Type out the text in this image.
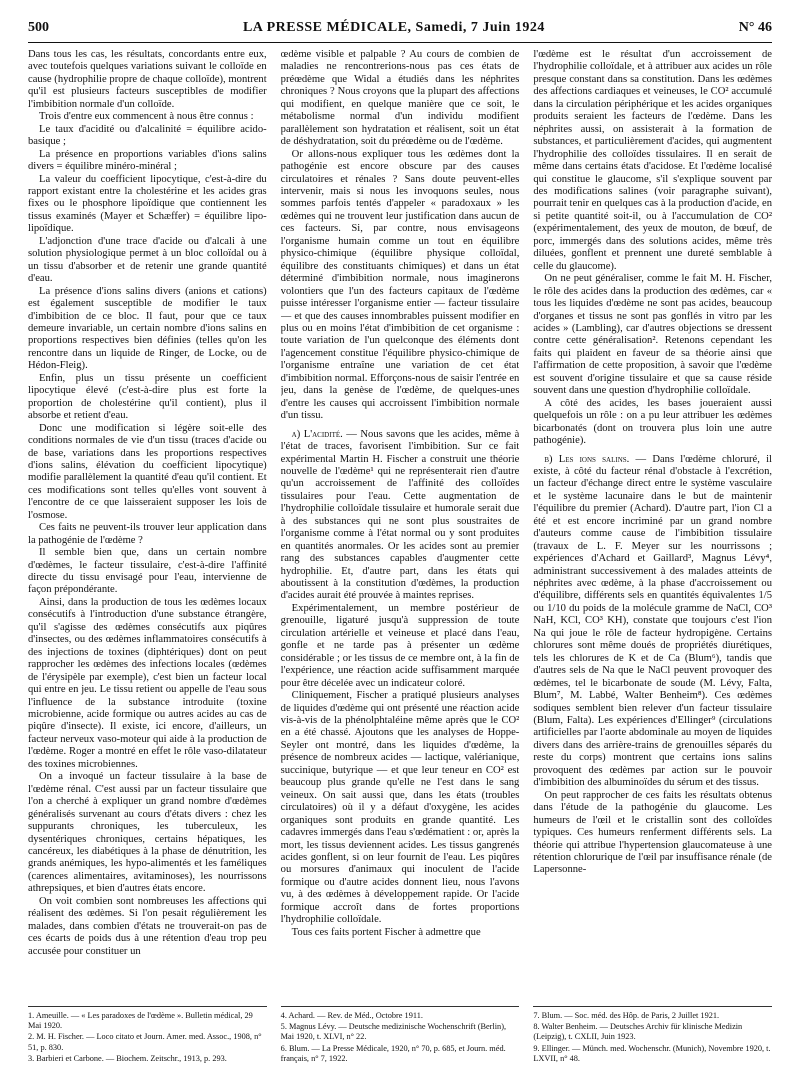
500	LA PRESSE MÉDICALE, Samedi, 7 Juin 1924	N° 46

Dans tous les cas, les résultats, concordants entre eux, avec toutefois quelques variations suivant le colloïde en cause (hydrophilie propre de chaque colloïde), montrent qu'il est plusieurs facteurs susceptibles de modifier l'imbibition normale d'un colloïde.

Trois d'entre eux commencent à nous être connus :

Le taux d'acidité ou d'alcalinité = équilibre acido-basique ;

La présence en proportions variables d'ions salins divers = équilibre minéro-minéral ;

La valeur du coefficient lipocytique, c'est-à-dire du rapport existant entre la cholestérine et les acides gras fixes ou le phosphore lipoïdique que contiennent les tissus examinés (Mayer et Schæffer) = équilibre lipo-lipoïdique.

L'adjonction d'une trace d'acide ou d'alcali à une solution physiologique permet à un bloc colloïdal ou à un tissu d'absorber et de retenir une grande quantité d'eau.

La présence d'ions salins divers (anions et cations) est également susceptible de modifier le taux d'imbibition de ce bloc. Il faut, pour que ce taux demeure invariable, un certain nombre d'ions salins en proportions respectives bien définies (telles qu'on les rencontre dans un liquide de Ringer, de Locke, ou de Hédon-Fleig).

Enfin, plus un tissu présente un coefficient lipocytique élevé (c'est-à-dire plus est forte la proportion de cholestérine qu'il contient), plus il absorbe et retient d'eau.

Donc une modification si légère soit-elle des conditions normales de vie d'un tissu (traces d'acide ou de base, variations dans les proportions respectives d'ions salins, élévation du coefficient lipocytique) modifie parallèlement la quantité d'eau qu'il contient. Et ces modifications sont telles qu'elles vont souvent à l'encontre de ce que laisseraient supposer les lois de l'osmose.

Ces faits ne peuvent-ils trouver leur application dans la pathogénie de l'œdème ?

Il semble bien que, dans un certain nombre d'œdèmes, le facteur tissulaire, c'est-à-dire l'affinité directe du tissu envisagé pour l'eau, intervienne de façon prépondérante.

Ainsi, dans la production de tous les œdèmes locaux consécutifs à l'introduction d'une substance étrangère, qu'il s'agisse des œdèmes consécutifs aux piqûres d'insectes, ou des œdèmes inflammatoires consécutifs à des injections de toxines (diphtériques) dont on peut rapprocher les œdèmes des infections locales (œdèmes de l'érysipèle par exemple), c'est bien un facteur local qui entre en jeu. Le tissu retient ou appelle de l'eau sous l'influence de la substance introduite (toxine microbienne, acide formique ou autres acides au cas de piqûre d'insecte). Il existe, ici encore, d'ailleurs, un facteur nerveux vaso-moteur qui aide à la production de l'œdème. Roger a montré en effet le rôle vaso-dilatateur des toxines microbiennes.

On a invoqué un facteur tissulaire à la base de l'œdème rénal. C'est aussi par un facteur tissulaire que l'on a cherché à expliquer un grand nombre d'œdèmes généralisés survenant au cours d'états divers : chez les suppurants chroniques, les tuberculeux, les dysentériques chroniques, certains hépatiques, les cancéreux, les diabétiques à la phase de dénutrition, les grands anémiques, les hypo-alimentés et les faméliques (carences alimentaires, avitaminoses), les nourrissons athrepsiques, et bien d'autres états encore.

On voit combien sont nombreuses les affections qui réalisent des œdèmes. Si l'on pesait régulièrement les malades, dans combien d'états ne trouverait-on pas de ces écarts de poids dus à une rétention d'eau trop peu accusée pour constituer un

œdème visible et palpable ? Au cours de combien de maladies ne rencontrerions-nous pas ces états de préœdème que Widal a étudiés dans les néphrites chroniques ? Nous croyons que la plupart des affections qui modifient, en quelque manière que ce soit, le métabolisme normal d'un individu modifient parallèlement son hydratation et réalisent, soit un état de déshydratation, soit du préœdème ou de l'œdème.

Or allons-nous expliquer tous les œdèmes dont la pathogénie est encore obscure par des causes circulatoires et rénales ? Sans doute peuvent-elles intervenir, mais si nous les invoquons seules, nous sommes parfois tentés d'appeler « paradoxaux » les œdèmes qui ne trouvent leur justification dans aucun de ces facteurs. Si, par contre, nous envisageons l'organisme humain comme un tout en équilibre physico-chimique (équilibre physique colloïdal, équilibre des constituants chimiques) et dans un état déterminé d'imbibition normale, nous imaginerons volontiers que l'un des facteurs capitaux de l'œdème puisse intéresser l'organisme entier — facteur tissulaire — et que des causes innombrables puissent modifier en plus ou en moins l'état d'imbibition de cet organisme : toute variation de l'un quelconque des éléments dont l'agencement constitue l'équilibre physico-chimique de l'organisme entraîne une variation de cet état d'imbibition normal. Efforçons-nous de saisir l'entrée en jeu, dans la genèse de l'œdème, de quelques-unes d'entre les causes qui accroissent l'imbibition normale d'un tissu.

a) L'acidité. — Nous savons que les acides, même à l'état de traces, favorisent l'imbibition. Sur ce fait expérimental Martin H. Fischer a construit une théorie nouvelle de l'œdème¹ qui ne représenterait rien d'autre qu'un accroissement de l'affinité des colloïdes tissulaires pour l'eau. Cette augmentation de l'hydrophilie colloïdale tissulaire et humorale serait due à des substances qui ne sont plus soustraites de l'organisme comme à l'état normal ou y sont produites en quantités anormales. Or les acides sont au premier rang des substances capables d'augmenter cette hydrophilie. Et, d'autre part, dans les états qui aboutissent à la constitution d'œdèmes, la production d'acides aurait été prouvée à maintes reprises.

Expérimentalement, un membre postérieur de grenouille, ligaturé jusqu'à suppression de toute circulation artérielle et veineuse et placé dans l'eau, gonfle et ne tarde pas à présenter un œdème considérable ; or les tissus de ce membre ont, à la fin de l'expérience, une réaction acide suffisamment marquée pour être décelée avec un indicateur coloré.

Cliniquement, Fischer a pratiqué plusieurs analyses de liquides d'œdème qui ont présenté une réaction acide vis-à-vis de la phénolphtaléine même après que le CO² en a été chassé. Ajoutons que les analyses de Hoppe-Seyler ont montré, dans les liquides d'œdème, la présence de nombreux acides — lactique, valérianique, succinique, butyrique — et que leur teneur en CO² est beaucoup plus grande qu'elle ne l'est dans le sang veineux. On sait aussi que, dans les états (troubles circulatoires) où il y a défaut d'oxygène, les acides organiques sont produits en grande quantité. Les cadavres immergés dans l'eau s'œdématient : or, après la mort, les tissus deviennent acides. Les tissus gangrenés acides gonflent, si on leur fournit de l'eau. Les piqûres ou morsures d'animaux qui inoculent de l'acide formique ou d'autre acides donnent lieu, nous l'avons vu, à des œdèmes à développement rapide. Or l'acide formique accroît dans de fortes proportions l'hydrophilie colloïdale.

Tous ces faits portent Fischer à admettre que

l'œdème est le résultat d'un accroissement de l'hydrophilie colloïdale, et à attribuer aux acides un rôle presque constant dans sa constitution. Dans les œdèmes des affections cardiaques et veineuses, le CO² accumulé dans la circulation périphérique et les acides organiques produits seraient les facteurs de l'œdème. Dans les néphrites aussi, on assisterait à la formation de substances, et particulièrement d'acides, qui augmentent l'hydrophilie des colloïdes tissulaires. Il en serait de même dans certains états d'acidose. Et l'œdème localisé qui constitue le glaucome, s'il s'explique souvent par des modifications salines (voir paragraphe suivant), pourrait tenir en quelques cas à la production d'acide, en si petite quantité soit-il, ou à l'accumulation de CO² (expérimentalement, des yeux de mouton, de bœuf, de porc, immergés dans des solutions acides, même très diluées, gonflent et prennent une dureté semblable à celle du glaucome).

On ne peut généraliser, comme le fait M. H. Fischer, le rôle des acides dans la production des œdèmes, car « tous les liquides d'œdème ne sont pas acides, beaucoup d'organes et tissus ne sont pas gonflés in vitro par les acides » (Lambling), car d'autres objections se dressent contre cette généralisation². Retenons cependant les faits qui plaident en faveur de sa théorie ainsi que l'affirmation de cette proposition, à savoir que l'œdème est souvent d'origine tissulaire et que sa cause réside souvent dans une question d'hydrophilie colloïdale.

A côté des acides, les bases joueraient aussi quelquefois un rôle : on a pu leur attribuer les œdèmes bicarbonatés (dont on trouvera plus loin une autre pathogénie).

b) Les ions salins. — Dans l'œdème chloruré, il existe, à côté du facteur rénal d'obstacle à l'excrétion, un facteur d'échange direct entre le système vasculaire et le système lacunaire dans le but de maintenir l'équilibre du premier (Achard). D'autre part, l'ion Cl a été et est encore incriminé par un grand nombre d'auteurs comme cause de l'imbibition tissulaire (travaux de L. F. Meyer sur les nourrissons ; expériences d'Achard et Gaillard³, Magnus Lévy⁴, administrant successivement à des malades atteints de néphrites avec œdème, à la phase d'accroissement ou d'équilibre, différents sels en quantités équivalentes 1/5 ou 1/10 du poids de la molécule gramme de NaCl, CO³ NaH, KCl, CO³ KH), constate que toujours c'est l'ion Na qui joue le rôle de facteur hydropigène. Certains chlorures sont même doués de propriétés diurétiques, tels les chlorures de K et de Ca (Blum⁶), tandis que d'autres sels de Na que le NaCl peuvent provoquer des œdèmes, tel le bicarbonate de soude (M. Lévy, Falta, Blum⁷, M. Labbé, Walter Benheim⁸). Ces œdèmes sodiques semblent bien relever d'un facteur tissulaire (Blum, Falta). Les expériences d'Ellinger⁹ (circulations artificielles par l'aorte abdominale au moyen de liquides divers dans des arrière-trains de grenouilles séparés du reste du corps) montrent que certains ions salins provoquent des œdèmes par action sur le pouvoir d'imbibition des albuminoïdes du sérum et des tissus.

On peut rapprocher de ces faits les résultats obtenus dans l'étude de la pathogénie du glaucome. Les humeurs de l'œil et le cristallin sont des colloïdes typiques. Ces humeurs renferment différents sels. La théorie qui attribue l'hypertension glaucomateuse à une rétention chlorurique de l'œil par insuffisance rénale (de Lapersonne-

1. Ameuille. — « Les paradoxes de l'œdème ». Bulletin médical, 29 Mai 1920.
2. M. H. Fischer. — Loco citato et Journ. Amer. med. Assoc., 1908, n° 51, p. 830.
3. Barbieri et Carbone. — Biochem. Zeitschr., 1913, p. 293.
4. Achard. — Rev. de Méd., Octobre 1911.
5. Magnus Lévy. — Deutsche medizinische Wochenschrift (Berlin), Mai 1920, t. XLVI, n° 22.
6. Blum. — La Presse Médicale, 1920, n° 70, p. 685, et Journ. méd. français, n° 7, 1922.
7. Blum. — Soc. méd. des Hôp. de Paris, 2 Juillet 1921.
8. Walter Benheim. — Deutsches Archiv für klinische Medizin (Leipzig), t. CXLII, Juin 1923.
9. Ellinger. — Münch. med. Wochenschr. (Munich), Novembre 1920, t. LXVII, n° 48.
